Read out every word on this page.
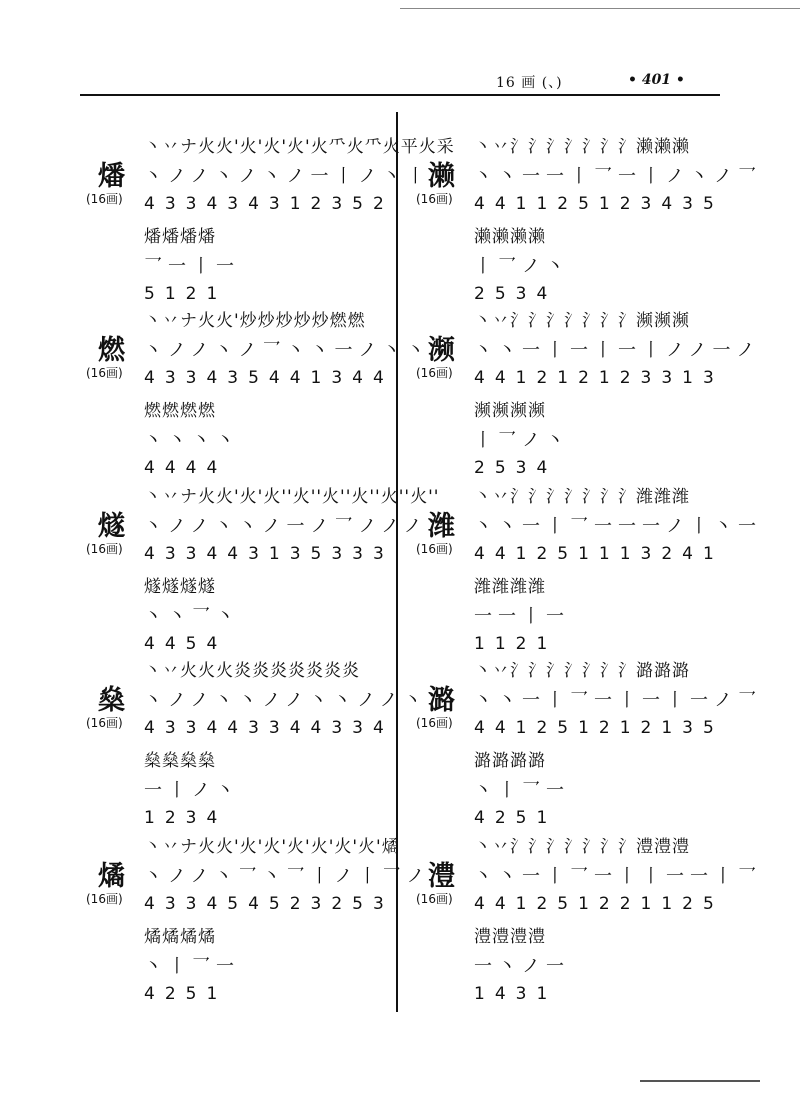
16 画 (、)	• 401 •
燔
(16画)
丶丷ナ火火'火'火'火'火⺥火⺥火平火采
丶ノノ丶ノ丶ノ一丨ノ丶丨
433434312352
燔燔燔燔
乛一丨一
5121
燃
(16画)
丶丷ナ火火'炒炒炒炒炒燃燃
丶ノノ丶ノ乛丶丶一ノ丶丶
433435441344
燃燃燃燃
丶丶丶丶
4444
燧
(16画)
丶丷ナ火火'火'火''火''火''火''火''火''
丶ノノ丶丶ノ一ノ乛ノノノ
433443135333
燧燧燧燧
丶丶乛丶
4454
燊
(16画)
丶丷火火火炎炎炎炎炎炎炎
丶ノノ丶丶ノノ丶丶ノノ丶
433443344334
燊燊燊燊
一丨ノ丶
1234
燏
(16画)
丶丷ナ火火'火'火'火'火'火'火'燏
丶ノノ丶乛丶乛丨ノ丨乛ノ
433454523253
燏燏燏燏
丶丨乛一
4251
濑
(16画)
丶丷氵氵氵氵氵氵氵濑濑濑
丶丶一一丨乛一丨ノ丶ノ乛
441125123435
濑濑濑濑
丨乛ノ丶
2534
濒
(16画)
丶丷氵氵氵氵氵氵氵濒濒濒
丶丶一丨一丨一丨ノノ一ノ
441212123313
濒濒濒濒
丨乛ノ丶
2534
潍
(16画)
丶丷氵氵氵氵氵氵氵潍潍潍
丶丶一丨乛一一一ノ丨丶一
441251113241
潍潍潍潍
一一丨一
1121
潞
(16画)
丶丷氵氵氵氵氵氵氵潞潞潞
丶丶一丨乛一丨一丨一ノ乛
441251212135
潞潞潞潞
丶丨乛一
4251
澧
(16画)
丶丷氵氵氵氵氵氵氵澧澧澧
丶丶一丨乛一丨丨一一丨乛
441251221125
澧澧澧澧
一丶ノ一
1431
